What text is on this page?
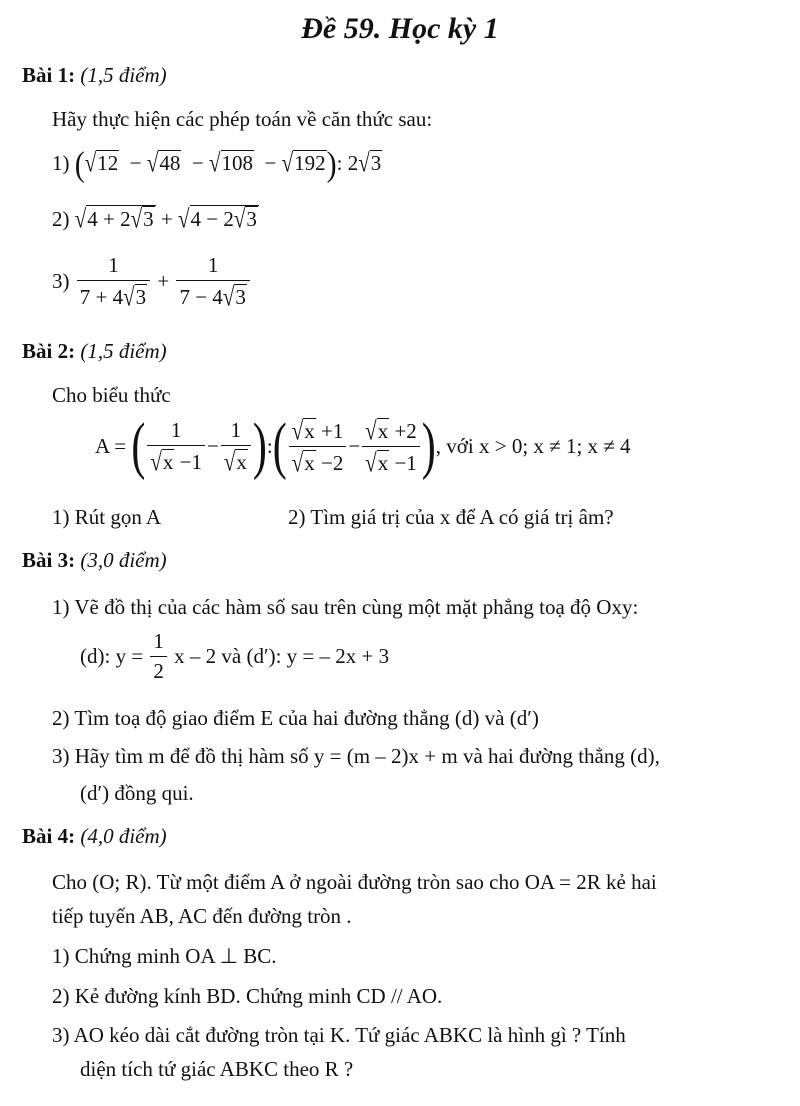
Đề 59. Học kỳ 1
Bài 1: (1,5 điểm)
Hãy thực hiện các phép toán về căn thức sau:
1) (√12  − √48  − √108  − √192): 2√3
2) √4 + 2√3 + √4 − 2√3
$3) \frac{1}{7 + 4√3} + \frac{1}{7 - 4√3}$
Bài 2: (1,5 điểm)
Cho biểu thức
A = ( $\frac{1}{√x -1} - \frac{1}{√x}$ ):( $\frac{√x +1}{√x -2} - \frac{√x +2}{√x -1}$ ), với x > 0; x ≠ 1; x ≠ 4
1) Rút gọn A	2) Tìm giá trị của x để A có giá trị âm?
Bài 3: (3,0 điểm)
1) Vẽ đồ thị của các hàm số sau trên cùng một mặt phẳng toạ độ Oxy:
(d): $y = \frac{1}{2}$ x – 2 và (d′): y = – 2x + 3
2) Tìm toạ độ giao điểm E của hai đường thẳng (d) và (d′)
3) Hãy tìm m để đồ thị hàm số y = (m – 2)x + m và hai đường thẳng (d),
(d′) đồng qui.
Bài 4: (4,0 điểm)
Cho (O; R). Từ một điểm A ở ngoài đường tròn sao cho OA = 2R kẻ hai
tiếp tuyến AB, AC đến đường tròn .
1) Chứng minh OA ⊥ BC.
2) Kẻ đường kính BD. Chứng minh CD // AO.
3) AO kéo dài cắt đường tròn tại K. Tứ giác ABKC là hình gì ? Tính
diện tích tứ giác ABKC theo R ?
